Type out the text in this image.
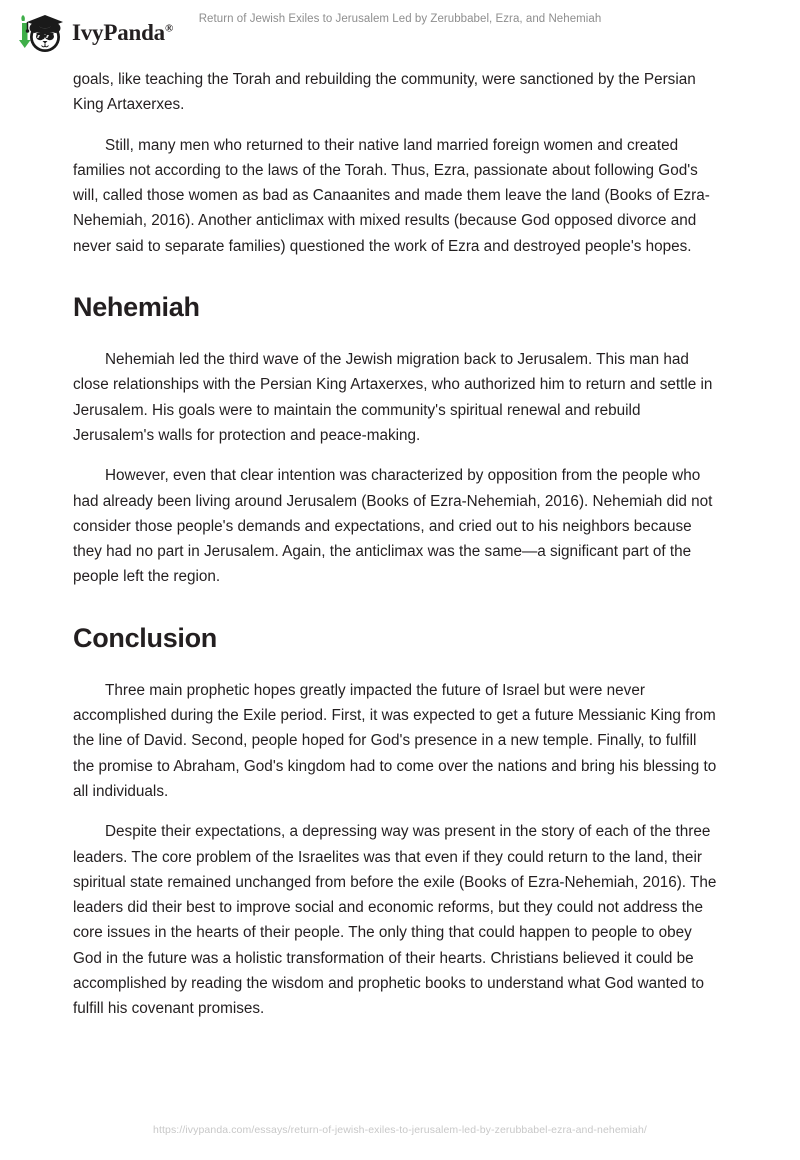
IvyPanda®
Return of Jewish Exiles to Jerusalem Led by Zerubbabel, Ezra, and Nehemiah

goals, like teaching the Torah and rebuilding the community, were sanctioned by the Persian King Artaxerxes.

Still, many men who returned to their native land married foreign women and created families not according to the laws of the Torah. Thus, Ezra, passionate about following God's will, called those women as bad as Canaanites and made them leave the land (Books of Ezra-Nehemiah, 2016). Another anticlimax with mixed results (because God opposed divorce and never said to separate families) questioned the work of Ezra and destroyed people's hopes.

Nehemiah

Nehemiah led the third wave of the Jewish migration back to Jerusalem. This man had close relationships with the Persian King Artaxerxes, who authorized him to return and settle in Jerusalem. His goals were to maintain the community's spiritual renewal and rebuild Jerusalem's walls for protection and peace-making.

However, even that clear intention was characterized by opposition from the people who had already been living around Jerusalem (Books of Ezra-Nehemiah, 2016). Nehemiah did not consider those people's demands and expectations, and cried out to his neighbors because they had no part in Jerusalem. Again, the anticlimax was the same—a significant part of the people left the region.

Conclusion

Three main prophetic hopes greatly impacted the future of Israel but were never accomplished during the Exile period. First, it was expected to get a future Messianic King from the line of David. Second, people hoped for God's presence in a new temple. Finally, to fulfill the promise to Abraham, God's kingdom had to come over the nations and bring his blessing to all individuals.

Despite their expectations, a depressing way was present in the story of each of the three leaders. The core problem of the Israelites was that even if they could return to the land, their spiritual state remained unchanged from before the exile (Books of Ezra-Nehemiah, 2016). The leaders did their best to improve social and economic reforms, but they could not address the core issues in the hearts of their people. The only thing that could happen to people to obey God in the future was a holistic transformation of their hearts. Christians believed it could be accomplished by reading the wisdom and prophetic books to understand what God wanted to fulfill his covenant promises.

https://ivypanda.com/essays/return-of-jewish-exiles-to-jerusalem-led-by-zerubbabel-ezra-and-nehemiah/
